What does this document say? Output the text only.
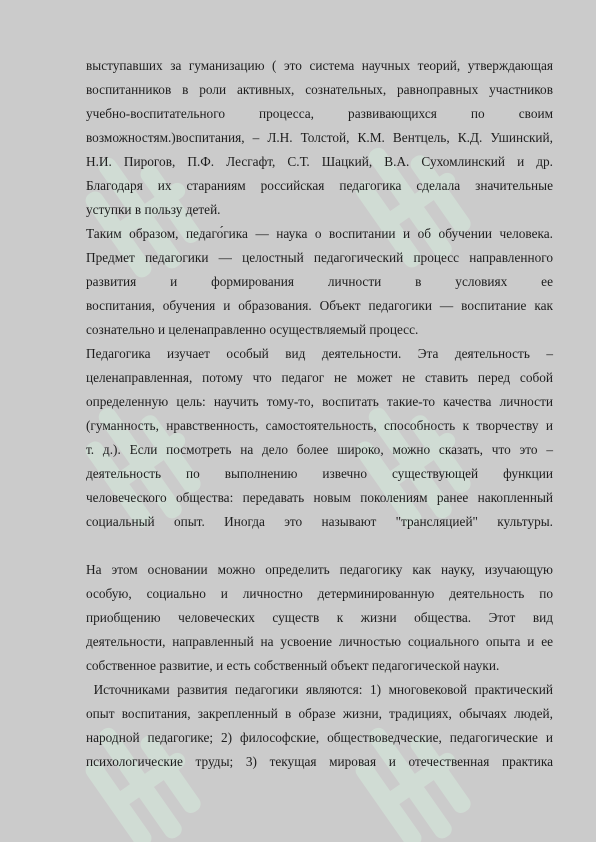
выступавших за гуманизацию ( это система научных теорий, утверждающая

воспитанников в роли активных, сознательных, равноправных участников

учебно-воспитательного процесса, развивающихся по своим

возможностям.)воспитания, – Л.Н. Толстой, К.М. Вентцель, К.Д. Ушинский,

Н.И. Пирогов, П.Ф. Лесгафт, С.Т. Шацкий, В.А. Сухомлинский и др.

Благодаря их стараниям российская педагогика сделала значительные

уступки в пользу детей.

Таким образом, педаго́гика — наука о воспитании и об обучении человека.

Предмет педагогики — целостный педагогический процесс направленного

развития и формирования личности в условиях ее

воспитания, обучения и образования. Объект педагогики — воспитание как

сознательно и целенаправленно осуществляемый процесс.

Педагогика изучает особый вид деятельности. Эта деятельность –

целенаправленная, потому что педагог не может не ставить перед собой

определенную цель: научить тому-то, воспитать такие-то качества личности

(гуманность, нравственность, самостоятельность, способность к творчеству и

т. д.). Если посмотреть на дело более широко, можно сказать, что это –

деятельность по выполнению извечно существующей функции

человеческого общества: передавать новым поколениям ранее накопленный

социальный опыт. Иногда это называют "трансляцией" культуры.

На этом основании можно определить педагогику как науку, изучающую

особую, социально и личностно детерминированную деятельность по

приобщению человеческих существ к жизни общества. Этот вид

деятельности, направленный на усвоение личностью социального опыта и ее

собственное развитие, и есть собственный объект педагогической науки.

Источниками развития педагогики являются: 1) многовековой практический

опыт воспитания, закрепленный в образе жизни, традициях, обычаях людей,

народной педагогике; 2) философские, обществоведческие, педагогические и

психологические труды; 3) текущая мировая и отечественная практика
